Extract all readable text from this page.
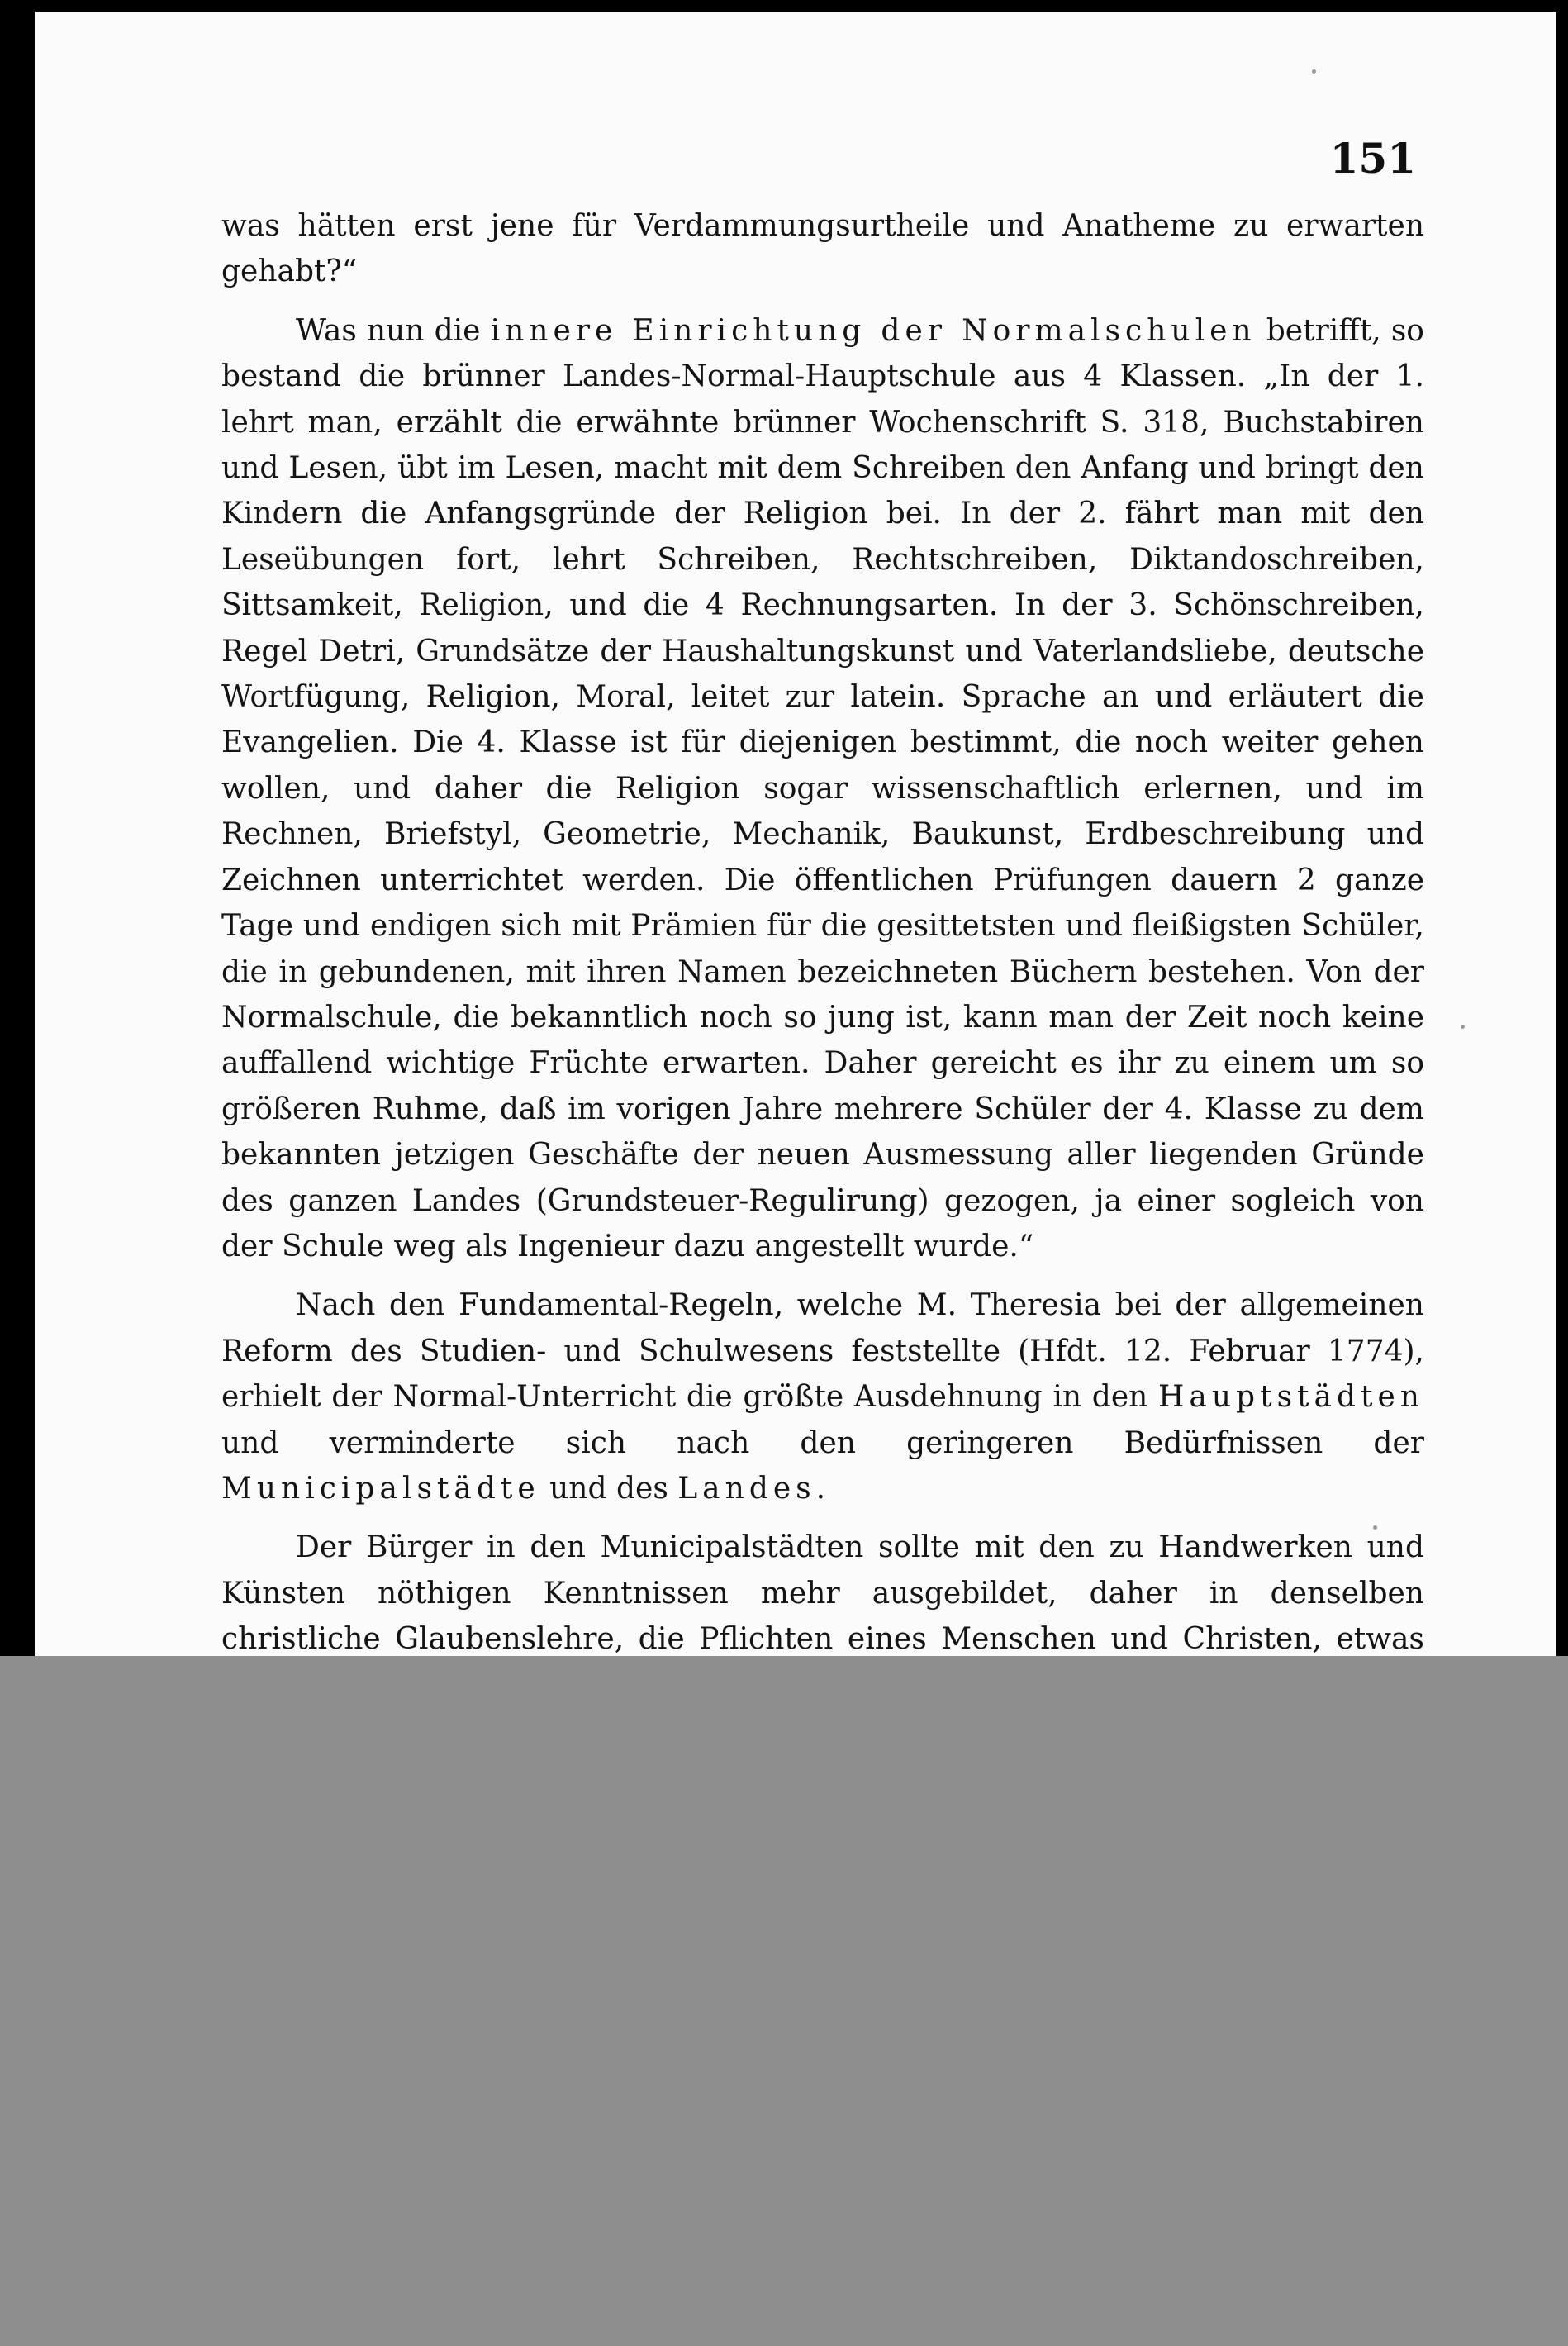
151

was hätten erst jene für Verdammungsurtheile und Anatheme zu erwarten gehabt?“

Was nun die innere Einrichtung der Normalschulen betrifft, so bestand die brünner Landes-Normal-Hauptschule aus 4 Klassen. „In der 1. lehrt man, erzählt die erwähnte brünner Wochenschrift S. 318, Buchstabiren und Lesen, übt im Lesen, macht mit dem Schreiben den Anfang und bringt den Kindern die Anfangsgründe der Religion bei. In der 2. fährt man mit den Leseübungen fort, lehrt Schreiben, Rechtschreiben, Diktandoschreiben, Sittsamkeit, Religion, und die 4 Rechnungsarten. In der 3. Schönschreiben, Regel Detri, Grundsätze der Haushaltungskunst und Vaterlandsliebe, deutsche Wortfügung, Religion, Moral, leitet zur latein. Sprache an und erläutert die Evangelien. Die 4. Klasse ist für diejenigen bestimmt, die noch weiter gehen wollen, und daher die Religion sogar wissenschaftlich erlernen, und im Rechnen, Briefstyl, Geometrie, Mechanik, Baukunst, Erdbeschreibung und Zeichnen unterrichtet werden. Die öffentlichen Prüfungen dauern 2 ganze Tage und endigen sich mit Prämien für die gesittetsten und fleißigsten Schüler, die in gebundenen, mit ihren Namen bezeichneten Büchern bestehen. Von der Normalschule, die bekanntlich noch so jung ist, kann man der Zeit noch keine auffallend wichtige Früchte erwarten. Daher gereicht es ihr zu einem um so größeren Ruhme, daß im vorigen Jahre mehrere Schüler der 4. Klasse zu dem bekannten jetzigen Geschäfte der neuen Ausmessung aller liegenden Gründe des ganzen Landes (Grundsteuer-Regulirung) gezogen, ja einer sogleich von der Schule weg als Ingenieur dazu angestellt wurde.“

Nach den Fundamental-Regeln, welche M. Theresia bei der allgemeinen Reform des Studien- und Schulwesens feststellte (Hfdt. 12. Februar 1774), erhielt der Normal-Unterricht die größte Ausdehnung in den Hauptstädten und verminderte sich nach den geringeren Bedürfnissen der Municipalstädte und des Landes.

Der Bürger in den Municipalstädten sollte mit den zu Handwerken und Künsten nöthigen Kenntnissen mehr ausgebildet, daher in denselben christliche Glaubenslehre, die Pflichten eines Menschen und Christen, etwas
